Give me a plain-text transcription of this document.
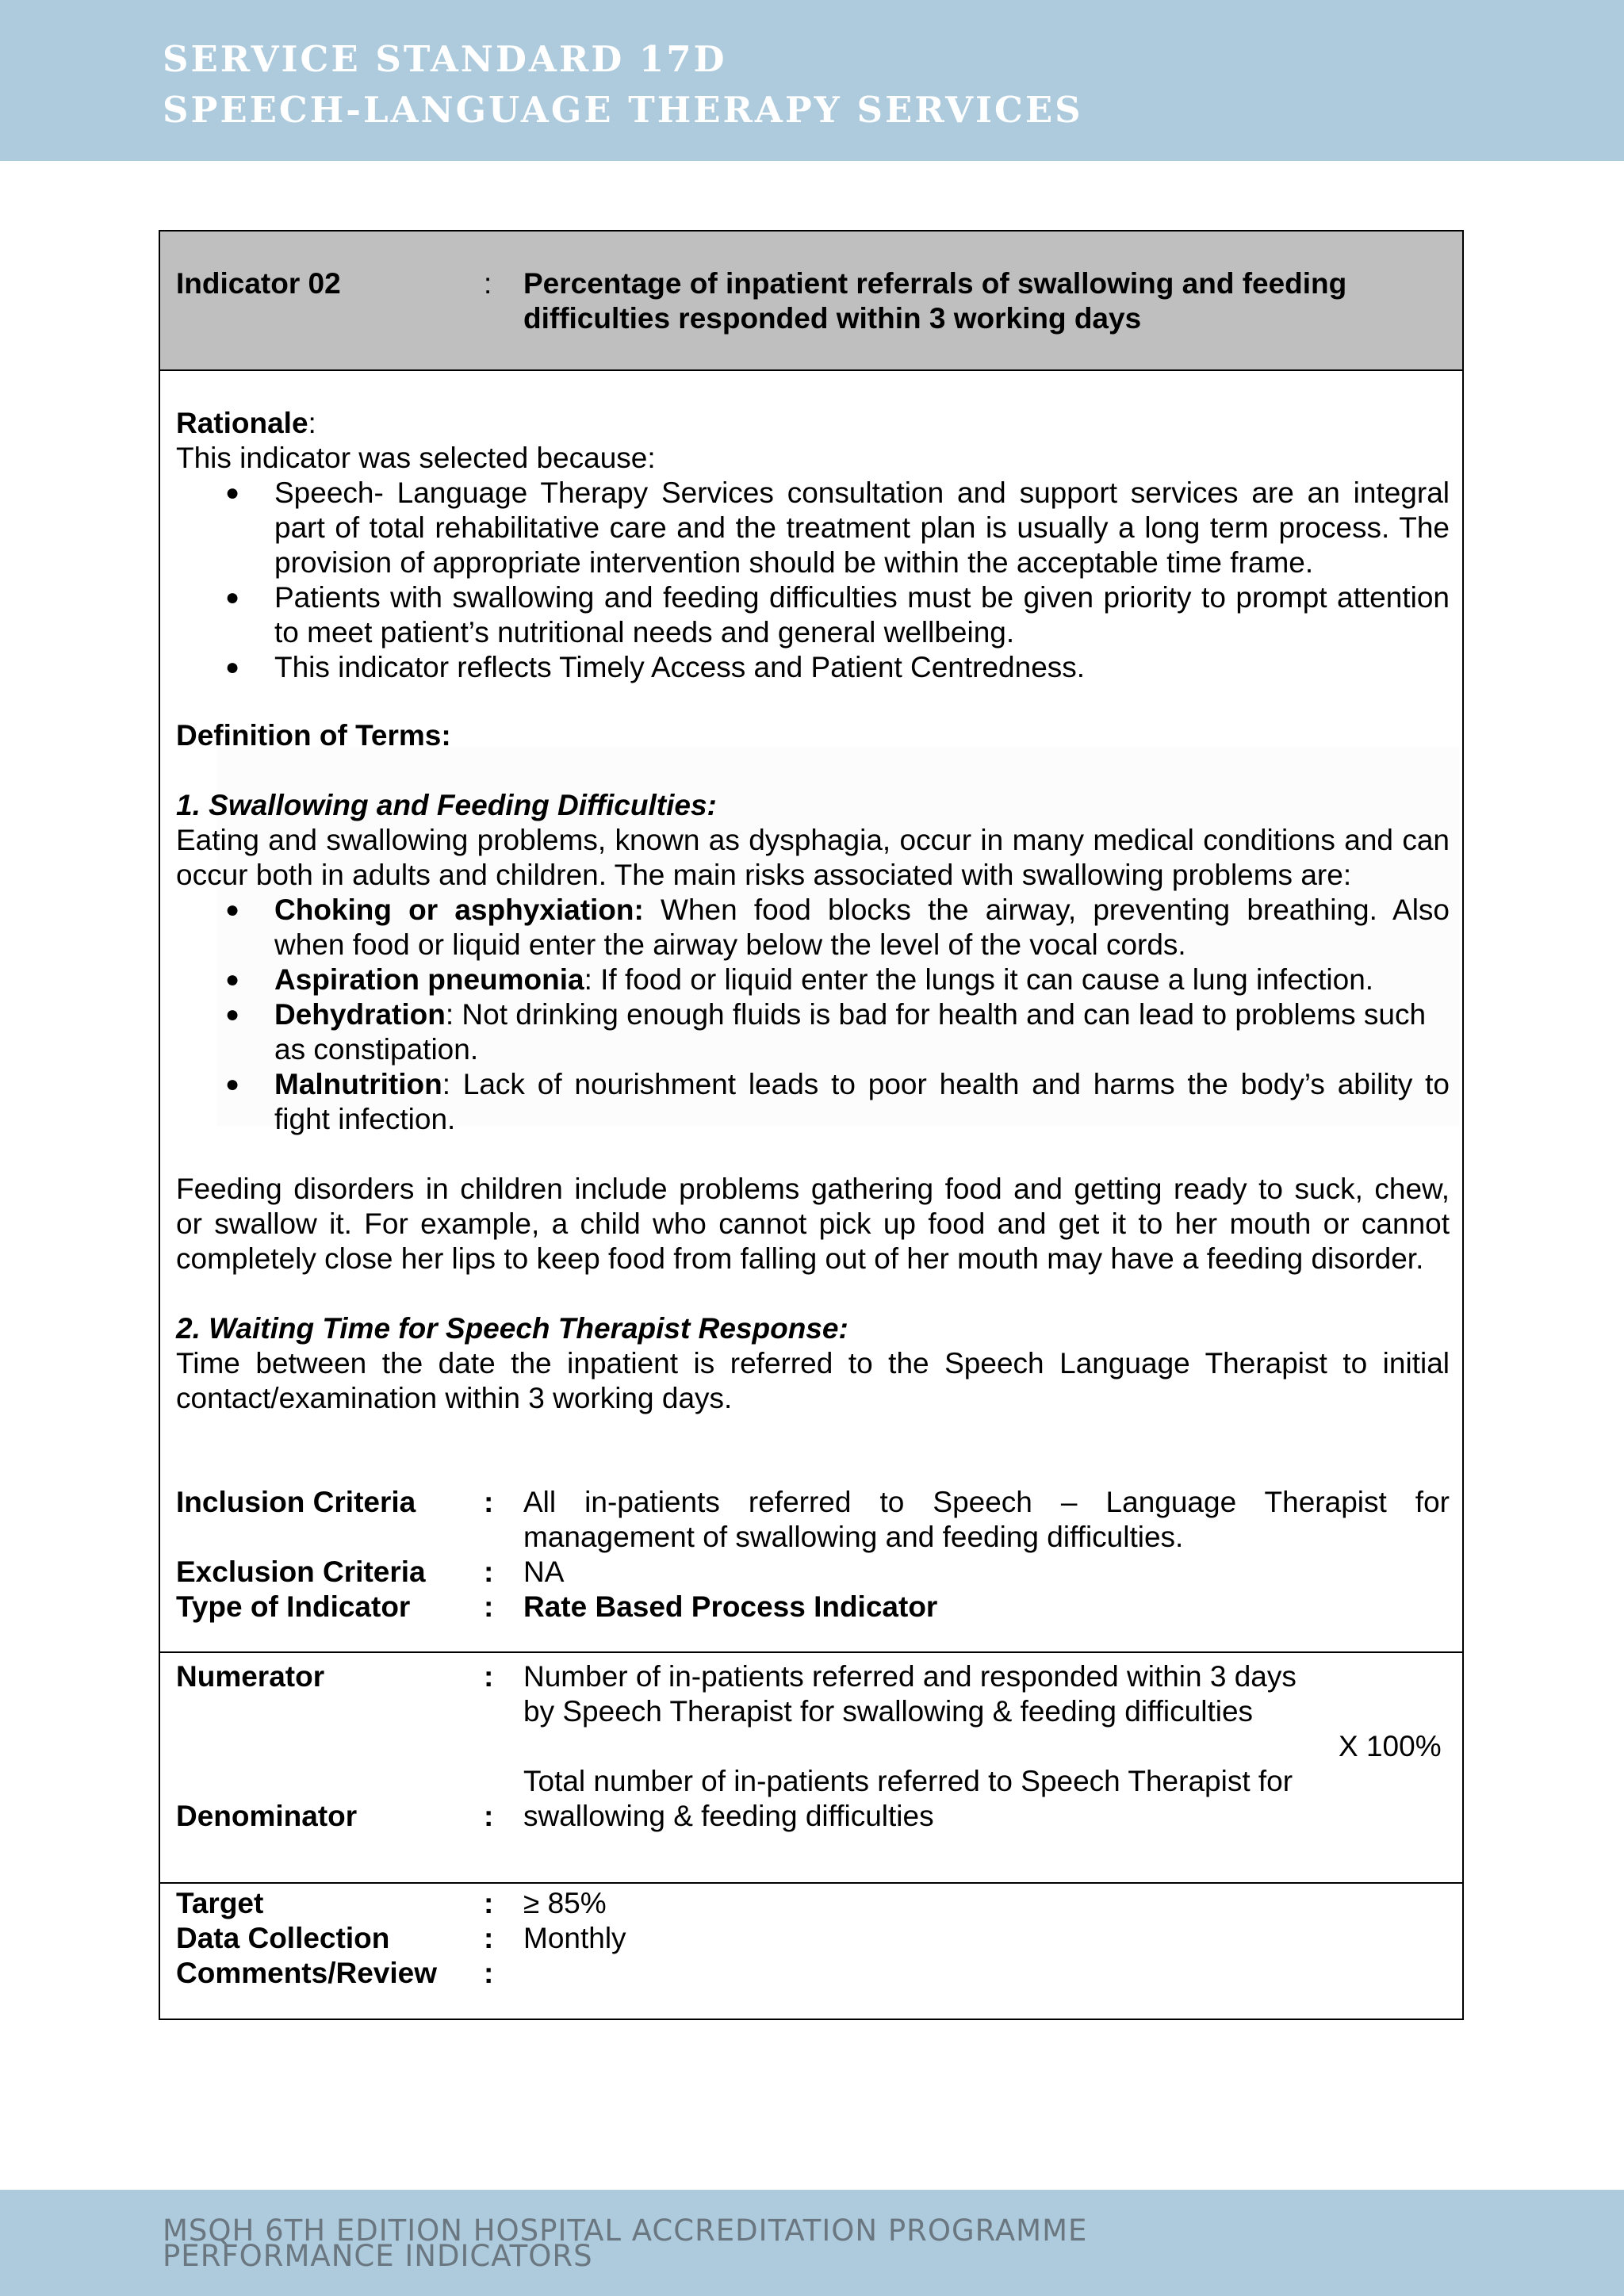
SERVICE STANDARD 17D
SPEECH-LANGUAGE THERAPY SERVICES
Indicator 02	: Percentage of inpatient referrals of swallowing and feeding
difficulties responded within 3 working days
Rationale:
This indicator was selected because:
● Speech- Language Therapy Services consultation and support services are an integral
part of total rehabilitative care and the treatment plan is usually a long term process. The
provision of appropriate intervention should be within the acceptable time frame.
● Patients with swallowing and feeding difficulties must be given priority to prompt attention
to meet patient’s nutritional needs and general wellbeing.
● This indicator reflects Timely Access and Patient Centredness.
Definition of Terms:
1. Swallowing and Feeding Difficulties:
Eating and swallowing problems, known as dysphagia, occur in many medical conditions and can
occur both in adults and children. The main risks associated with swallowing problems are:
● Choking or asphyxiation: When food blocks the airway, preventing breathing. Also
when food or liquid enter the airway below the level of the vocal cords.
● Aspiration pneumonia: If food or liquid enter the lungs it can cause a lung infection.
● Dehydration: Not drinking enough fluids is bad for health and can lead to problems such
as constipation.
● Malnutrition: Lack of nourishment leads to poor health and harms the body’s ability to
fight infection.
Feeding disorders in children include problems gathering food and getting ready to suck, chew,
or swallow it. For example, a child who cannot pick up food and get it to her mouth or cannot
completely close her lips to keep food from falling out of her mouth may have a feeding disorder.
2. Waiting Time for Speech Therapist Response:
Time between the date the inpatient is referred to the Speech Language Therapist to initial
contact/examination within 3 working days.
Inclusion Criteria : All in-patients referred to Speech – Language Therapist for
management of swallowing and feeding difficulties.
Exclusion Criteria : NA
Type of Indicator	: Rate Based Process Indicator
Numerator	: Number of in-patients referred and responded within 3 days
by Speech Therapist for swallowing & feeding difficulties
X 100%
Total number of in-patients referred to Speech Therapist for
Denominator	: swallowing & feeding difficulties
Target	: ≥ 85%
Data Collection	: Monthly
Comments/Review :
MSQH 6TH EDITION HOSPITAL ACCREDITATION PROGRAMME
PERFORMANCE INDICATORS
